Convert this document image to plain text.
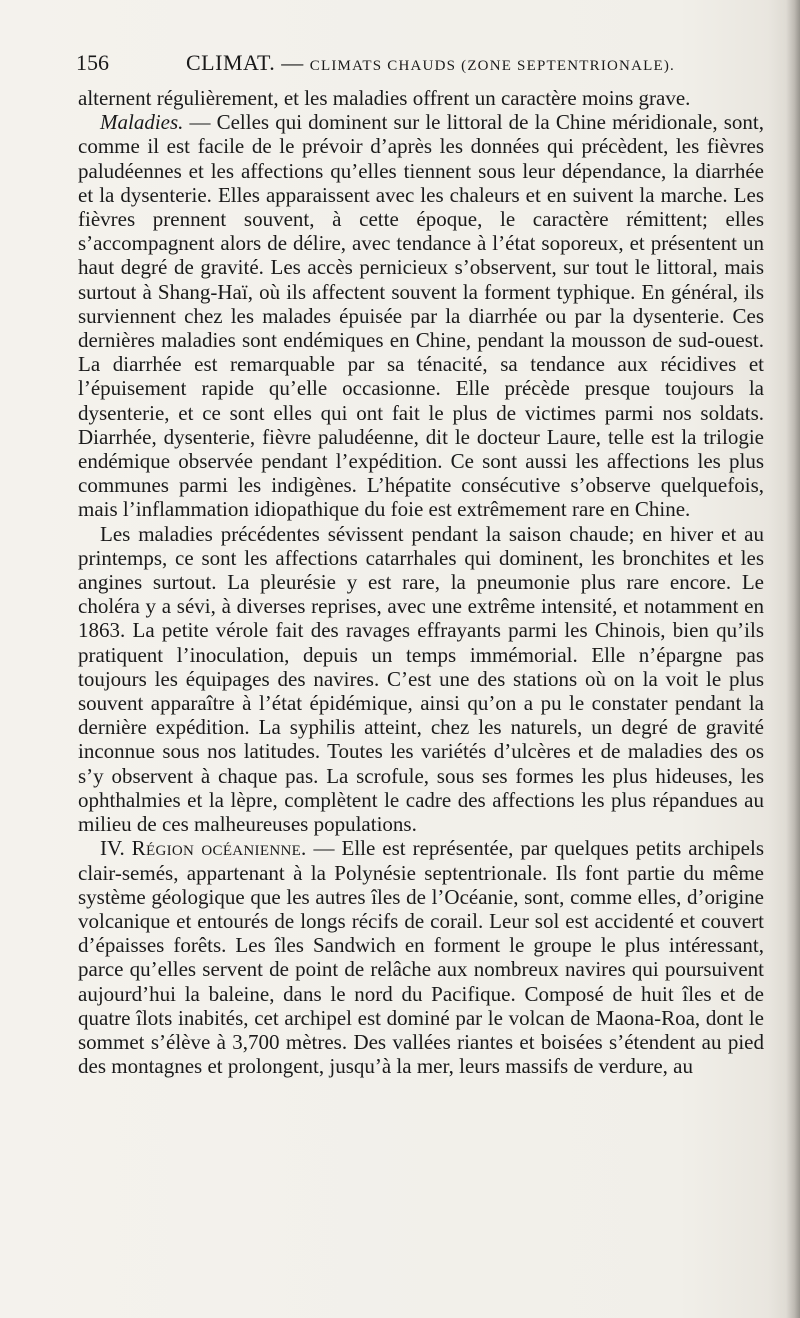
156	CLIMAT. — CLIMATS CHAUDS (ZONE SEPTENTRIONALE).

alternent régulièrement, et les maladies offrent un caractère moins grave.

Maladies. — Celles qui dominent sur le littoral de la Chine méridionale, sont, comme il est facile de le prévoir d’après les données qui précèdent, les fièvres paludéennes et les affections qu’elles tiennent sous leur dépendance, la diarrhée et la dysenterie. Elles apparaissent avec les chaleurs et en suivent la marche. Les fièvres prennent souvent, à cette époque, le caractère rémittent; elles s’accompagnent alors de délire, avec tendance à l’état soporeux, et présentent un haut degré de gravité. Les accès pernicieux s’observent, sur tout le littoral, mais surtout à Shang-Haï, où ils affectent souvent la forment typhique. En général, ils surviennent chez les malades épuisée par la diarrhée ou par la dysenterie. Ces dernières maladies sont endémiques en Chine, pendant la mousson de sud-ouest. La diarrhée est remarquable par sa ténacité, sa tendance aux récidives et l’épuisement rapide qu’elle occasionne. Elle précède presque toujours la dysenterie, et ce sont elles qui ont fait le plus de victimes parmi nos soldats. Diarrhée, dysenterie, fièvre paludéenne, dit le docteur Laure, telle est la trilogie endémique observée pendant l’expédition. Ce sont aussi les affections les plus communes parmi les indigènes. L’hépatite consécutive s’observe quelquefois, mais l’inflammation idiopathique du foie est extrêmement rare en Chine.

Les maladies précédentes sévissent pendant la saison chaude; en hiver et au printemps, ce sont les affections catarrhales qui dominent, les bronchites et les angines surtout. La pleurésie y est rare, la pneumonie plus rare encore. Le choléra y a sévi, à diverses reprises, avec une extrême intensité, et notamment en 1863. La petite vérole fait des ravages effrayants parmi les Chinois, bien qu’ils pratiquent l’inoculation, depuis un temps immémorial. Elle n’épargne pas toujours les équipages des navires. C’est une des stations où on la voit le plus souvent apparaître à l’état épidémique, ainsi qu’on a pu le constater pendant la dernière expédition. La syphilis atteint, chez les naturels, un degré de gravité inconnue sous nos latitudes. Toutes les variétés d’ulcères et de maladies des os s’y observent à chaque pas. La scrofule, sous ses formes les plus hideuses, les ophthalmies et la lèpre, complètent le cadre des affections les plus répandues au milieu de ces malheureuses populations.

IV. Région océanienne. — Elle est représentée, par quelques petits archipels clair-semés, appartenant à la Polynésie septentrionale. Ils font partie du même système géologique que les autres îles de l’Océanie, sont, comme elles, d’origine volcanique et entourés de longs récifs de corail. Leur sol est accidenté et couvert d’épaisses forêts. Les îles Sandwich en forment le groupe le plus intéressant, parce qu’elles servent de point de relâche aux nombreux navires qui poursuivent aujourd’hui la baleine, dans le nord du Pacifique. Composé de huit îles et de quatre îlots inabités, cet archipel est dominé par le volcan de Maona-Roa, dont le sommet s’élève à 3,700 mètres. Des vallées riantes et boisées s’étendent au pied des montagnes et prolongent, jusqu’à la mer, leurs massifs de verdure, au
